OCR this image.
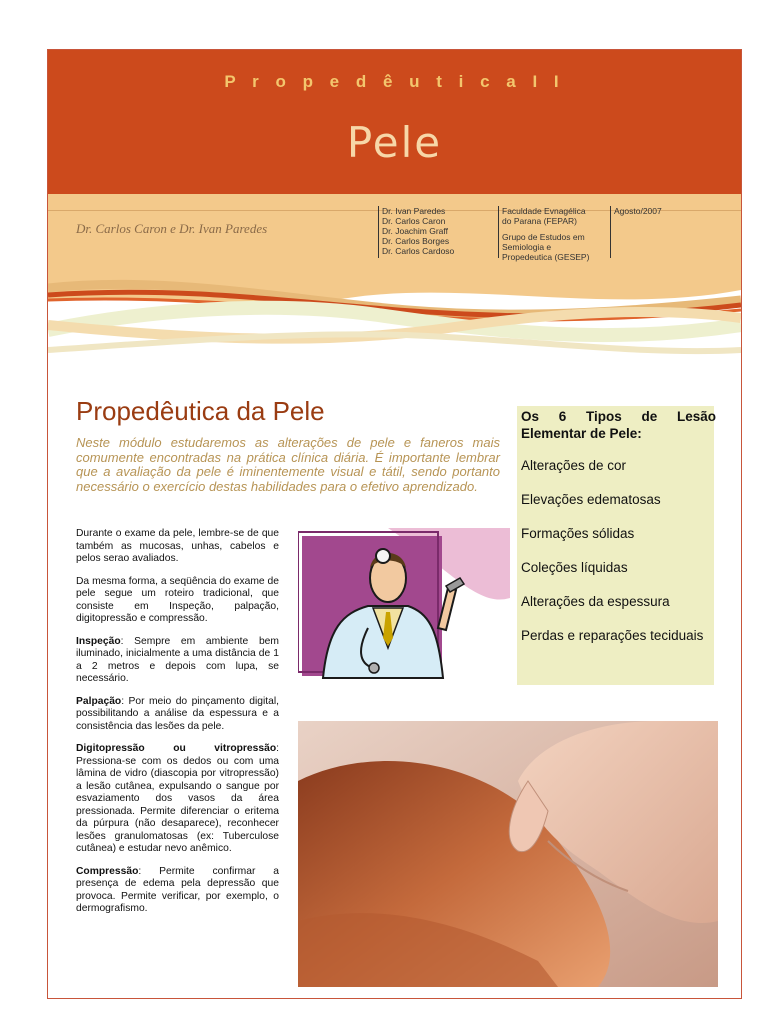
P r o p e d ê u t i c a I I
Pele
Dr. Carlos Caron e Dr. Ivan Paredes
Dr. Ivan Paredes
Dr. Carlos Caron
Dr. Joachim Graff
Dr. Carlos Borges
Dr. Carlos Cardoso
Faculdade Evnagélica
do Parana (FEPAR)
Grupo de Estudos em
Semiologia e
Propedeutica (GESEP)
Agosto/2007
Propedêutica da Pele
Neste módulo estudaremos as alterações de pele e faneros mais comumente encontradas na prática clínica diária. É importante lembrar que a avaliação da pele é iminentemente visual e tátil, sendo portanto necessário o exercício destas habilidades para o efetivo aprendizado.

Durante o exame da pele, lembre-se de que também as mucosas, unhas, cabelos e pelos serao avaliados.

Da mesma forma, a seqüência do exame de pele segue um roteiro tradicional, que consiste em Inspeção, palpação, digitopressão e compressão.

Inspeção: Sempre em ambiente bem iluminado, inicialmente a uma distância de 1 a 2 metros e depois com lupa, se necessário.

Palpação: Por meio do pinçamento digital, possibilitando a análise da espessura e a consistência das lesões da pele.

Digitopressão ou vitropressão: Pressiona-se com os dedos ou com uma lâmina de vidro (diascopia por vitropressão) a lesão cutânea, expulsando o sangue por esvaziamento dos vasos da área pressionada. Permite diferenciar o eritema da púrpura (não desaparece), reconhecer lesões granulomatosas (ex: Tuberculose cutânea) e estudar nevo anêmico.

Compressão: Permite confirmar a presença de edema pela depressão que provoca. Permite verificar, por exemplo, o dermografismo.

Os 6 Tipos de Lesão Elementar de Pele:
Alterações de cor
Elevações edematosas
Formações sólidas
Coleções líquidas
Alterações da espessura
Perdas e reparações teciduais
